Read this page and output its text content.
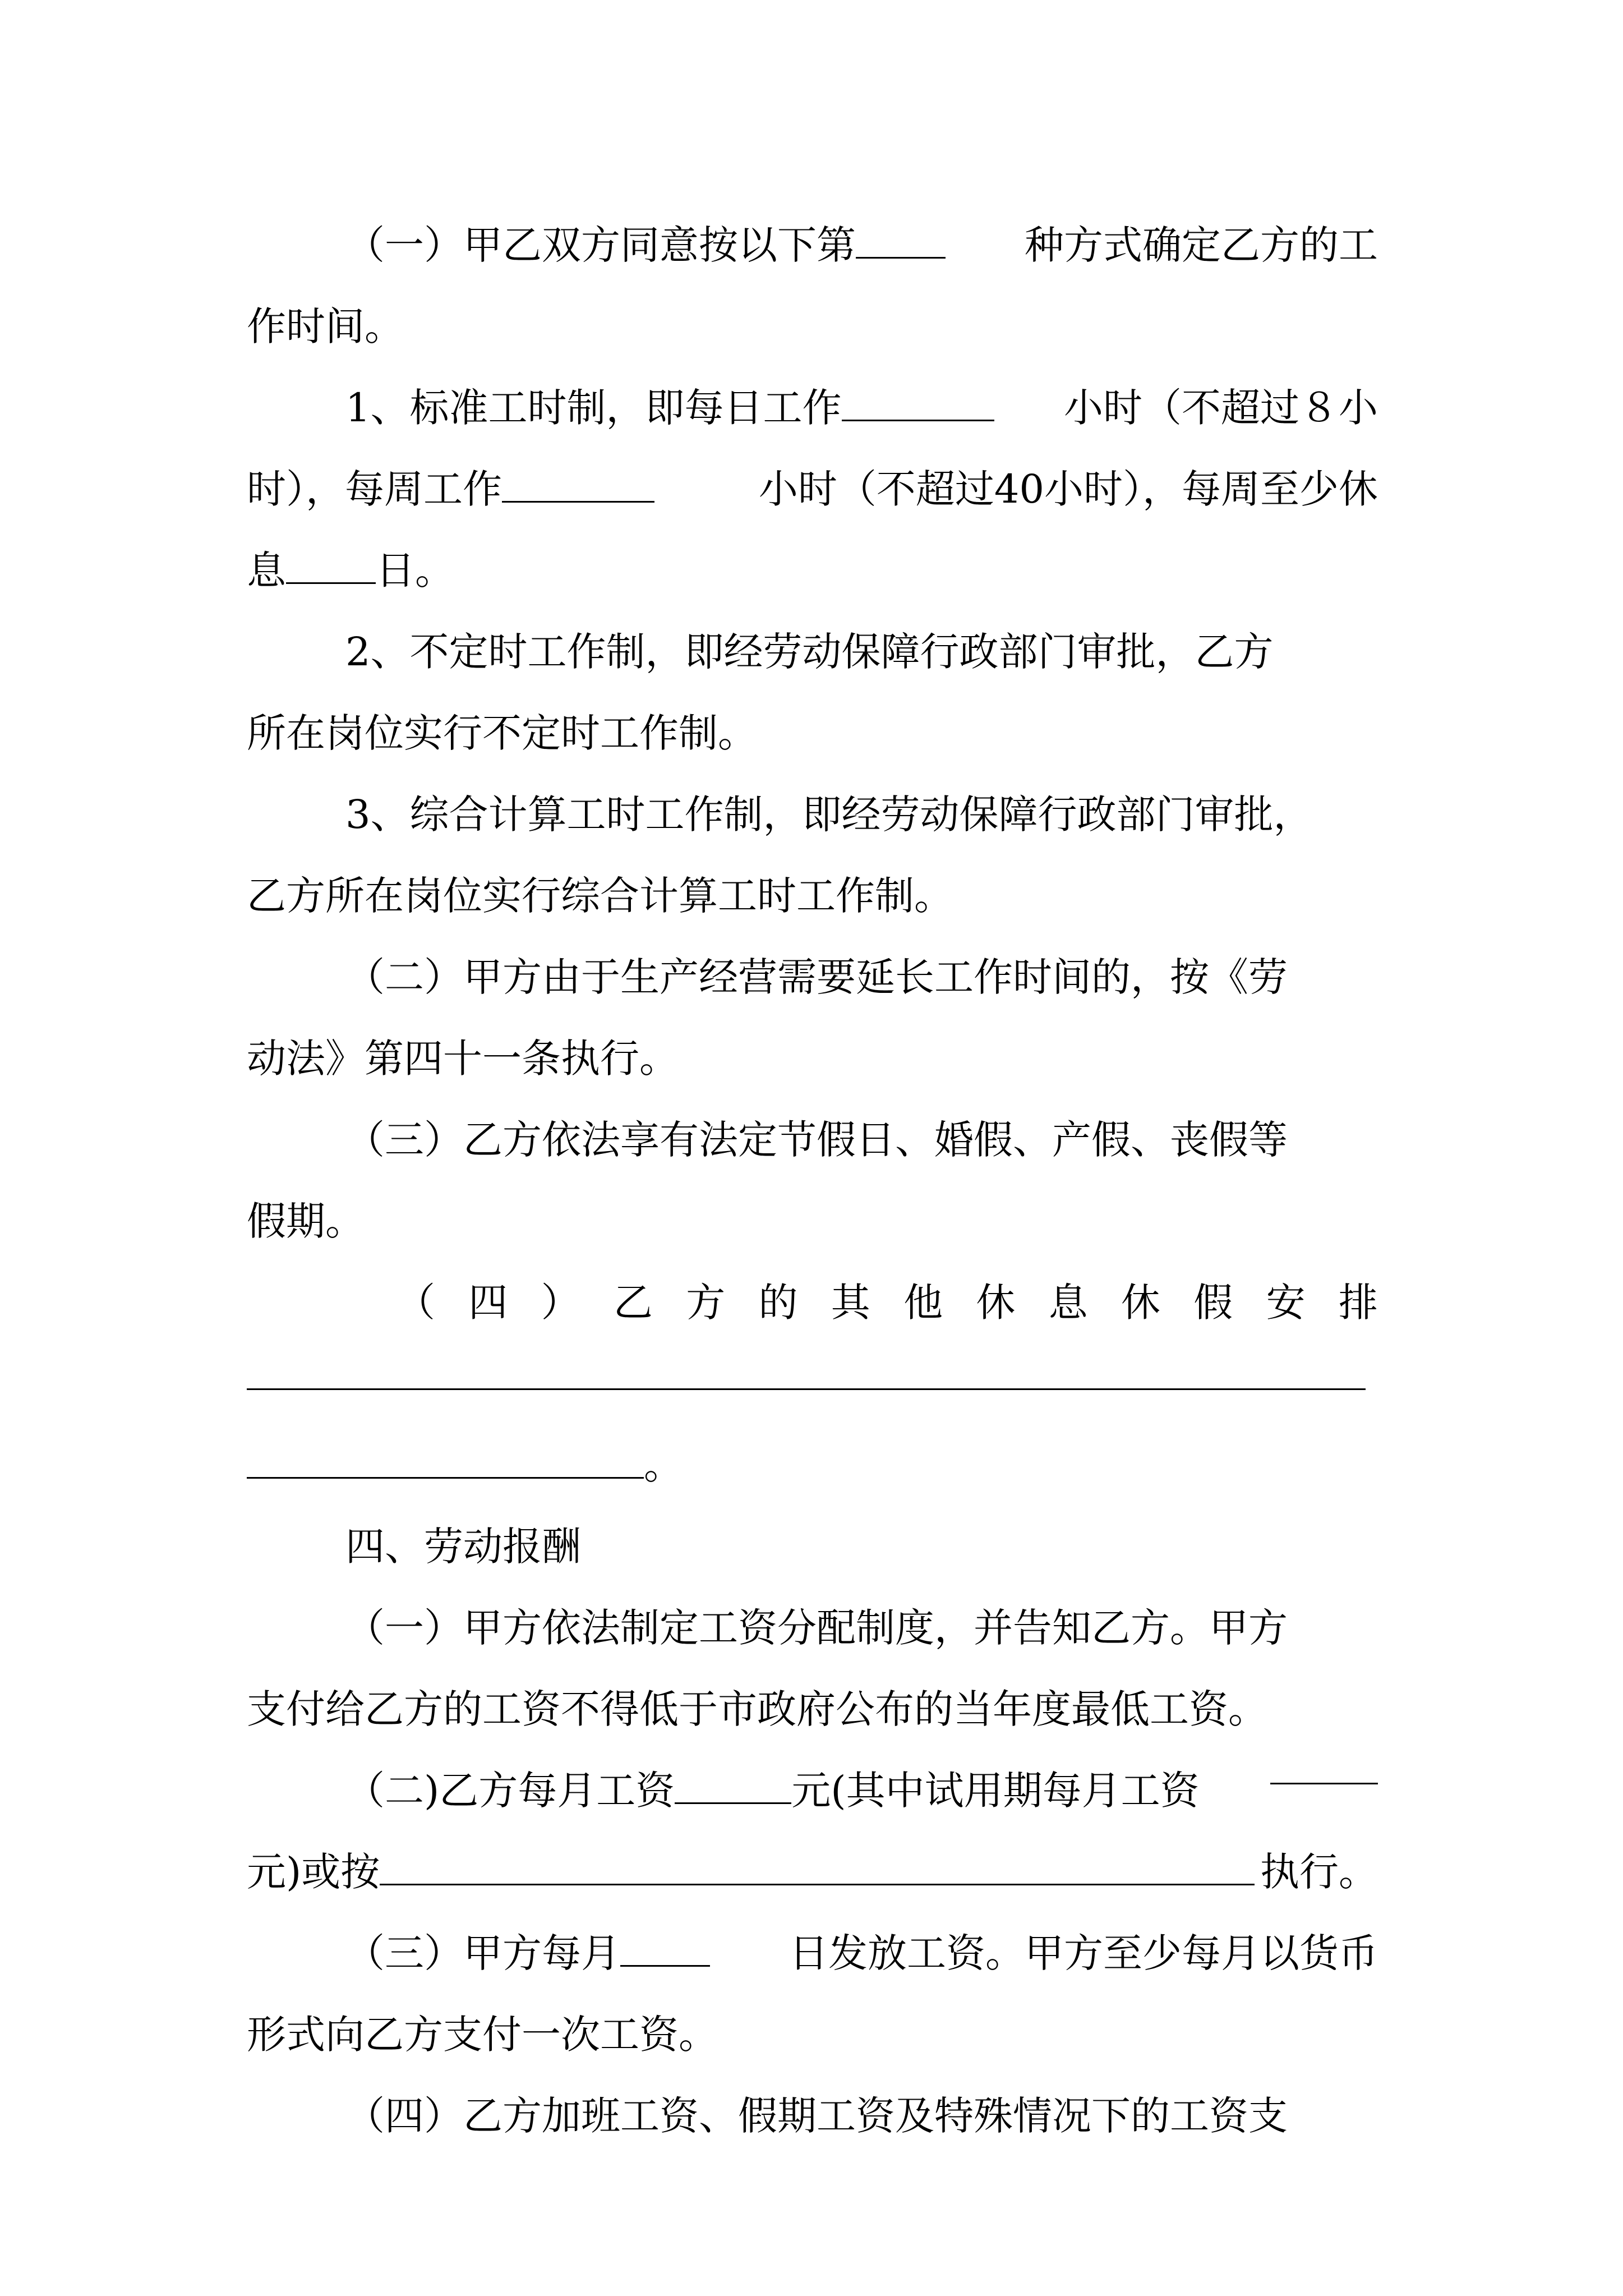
（一）甲乙双方同意按以下第	种方式确定乙方的工
作时间。
1、标准工时制，即每日工作	小时（不超过８小
时），每周工作	小时（不超过40小时），每周至少休
息 日。
2、不定时工作制，即经劳动保障行政部门审批，乙方
所在岗位实行不定时工作制。
3、综合计算工时工作制，即经劳动保障行政部门审批，
乙方所在岗位实行综合计算工时工作制。
（二）甲方由于生产经营需要延长工作时间的，按《劳
动法》第四十一条执行。
（三）乙方依法享有法定节假日、婚假、产假、丧假等
假期。
（ 四 ） 乙 方 的 其 他 休 息 休 假 安 排
。
四、劳动报酬
（一）甲方依法制定工资分配制度，并告知乙方。甲方
支付给乙方的工资不得低于市政府公布的当年度最低工资。
（二)乙方每月工资	元(其中试用期每月工资
元)或按	执行。
（三）甲方每月	日发放工资。甲方至少每月以货币
形式向乙方支付一次工资。
（四）乙方加班工资、假期工资及特殊情况下的工资支
